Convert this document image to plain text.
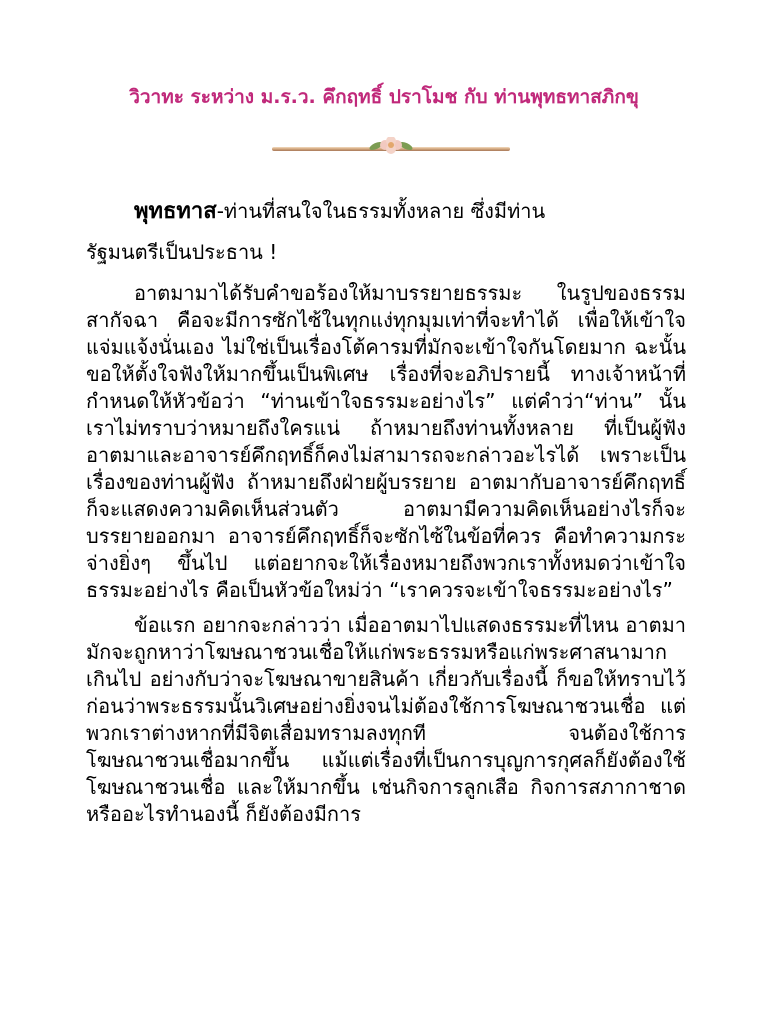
วิวาทะ ระหว่าง ม.ร.ว. คึกฤทธิ์ ปราโมช กับ ท่านพุทธทาสภิกขุ

พุทธทาส-ท่านที่สนใจในธรรมทั้งหลาย ซึ่งมีท่าน

รัฐมนตรีเป็นประธาน !

อาตมามาได้รับคำขอร้องให้มาบรรยายธรรมะ ในรูปของธรรมสากัจฉา คือจะมีการซักไซ้ในทุกแง่ทุกมุมเท่าที่จะทำได้ เพื่อให้เข้าใจแจ่มแจ้งนั่นเอง ไม่ใช่เป็นเรื่องโต้คารมที่มักจะเข้าใจกันโดยมาก ฉะนั้นขอให้ตั้งใจฟังให้มากขึ้นเป็นพิเศษ เรื่องที่จะอภิปรายนี้ ทางเจ้าหน้าที่กำหนดให้หัวข้อว่า “ท่านเข้าใจธรรมะอย่างไร” แต่คำว่า“ท่าน” นั้นเราไม่ทราบว่าหมายถึงใครแน่ ถ้าหมายถึงท่านทั้งหลาย ที่เป็นผู้ฟัง อาตมาและอาจารย์คึกฤทธิ์ก็คงไม่สามารถจะกล่าวอะไรได้ เพราะเป็นเรื่องของท่านผู้ฟัง ถ้าหมายถึงฝ่ายผู้บรรยาย อาตมากับอาจารย์คึกฤทธิ์ก็จะแสดงความคิดเห็นส่วนตัว อาตมามีความคิดเห็นอย่างไรก็จะบรรยายออกมา อาจารย์คึกฤทธิ์ก็จะซักไซ้ในข้อที่ควร คือทำความกระจ่างยิ่งๆ ขึ้นไป แต่อยากจะให้เรื่องหมายถึงพวกเราทั้งหมดว่าเข้าใจธรรมะอย่างไร คือเป็นหัวข้อใหม่ว่า “เราควรจะเข้าใจธรรมะอย่างไร”

ข้อแรก อยากจะกล่าวว่า เมื่ออาตมาไปแสดงธรรมะที่ไหน อาตมามักจะถูกหาว่าโฆษณาชวนเชื่อให้แก่พระธรรมหรือแก่พระศาสนามากเกินไป อย่างกับว่าจะโฆษณาขายสินค้า เกี่ยวกับเรื่องนี้ ก็ขอให้ทราบไว้ก่อนว่าพระธรรมนั้นวิเศษอย่างยิ่งจนไม่ต้องใช้การโฆษณาชวนเชื่อ แต่พวกเราต่างหากที่มีจิตเสื่อมทรามลงทุกที จนต้องใช้การโฆษณาชวนเชื่อมากขึ้น แม้แต่เรื่องที่เป็นการบุญการกุศลก็ยังต้องใช้โฆษณาชวนเชื่อ และให้มากขึ้น เช่นกิจการลูกเสือ กิจการสภากาชาดหรืออะไรทำนองนี้ ก็ยังต้องมีการ
